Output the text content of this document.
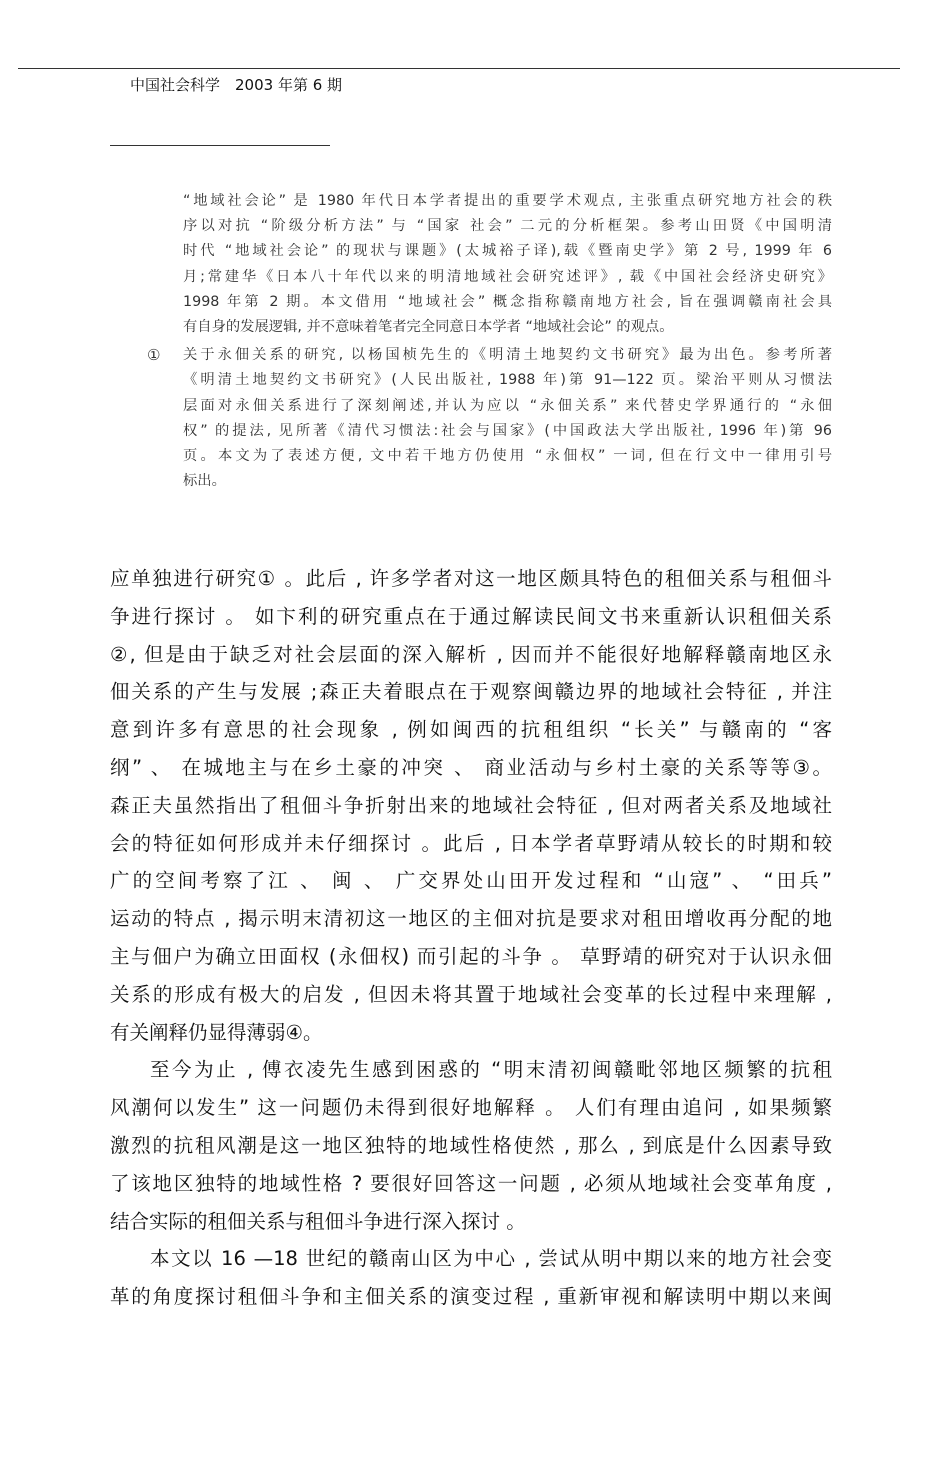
中国社会科学　2003 年第 6 期
“地域社会论” 是 1980 年代日本学者提出的重要学术观点, 主张重点研究地方社会的秩
序以对抗 “阶级分析方法” 与 “国家 社会” 二元的分析框架。参考山田贤《中国明清
时代 “地域社会论” 的现状与课题》(太城裕子译),载《暨南史学》第 2 号, 1999 年 6
月;常建华《日本八十年代以来的明清地域社会研究述评》, 载《中国社会经济史研究》
1998 年第 2 期。本文借用 “地域社会” 概念指称赣南地方社会, 旨在强调赣南社会具
有自身的发展逻辑, 并不意味着笔者完全同意日本学者 “地域社会论” 的观点。
① 关于永佃关系的研究, 以杨国桢先生的《明清土地契约文书研究》最为出色。参考所著
《明清土地契约文书研究》(人民出版社, 1988 年)第 91—122 页。梁治平则从习惯法
层面对永佃关系进行了深刻阐述,并认为应以 “永佃关系” 来代替史学界通行的 “永佃
权” 的提法, 见所著《清代习惯法:社会与国家》(中国政法大学出版社, 1996 年)第 96
页。本文为了表述方便, 文中若干地方仍使用 “永佃权” 一词, 但在行文中一律用引号
标出。
应单独进行研究① 。此后 , 许多学者对这一地区颇具特色的租佃关系与租佃斗
争进行探讨 。 如卞利的研究重点在于通过解读民间文书来重新认识租佃关系
②, 但是由于缺乏对社会层面的深入解析 , 因而并不能很好地解释赣南地区永
佃关系的产生与发展 ;森正夫着眼点在于观察闽赣边界的地域社会特征 , 并注
意到许多有意思的社会现象 , 例如闽西的抗租组织 “长关” 与赣南的 “客
纲” 、 在城地主与在乡土豪的冲突 、 商业活动与乡村土豪的关系等等③。
森正夫虽然指出了租佃斗争折射出来的地域社会特征 , 但对两者关系及地域社
会的特征如何形成并未仔细探讨 。此后 , 日本学者草野靖从较长的时期和较
广的空间考察了江 、 闽 、 广交界处山田开发过程和 “山寇” 、 “田兵”
运动的特点 , 揭示明末清初这一地区的主佃对抗是要求对租田增收再分配的地
主与佃户为确立田面权 (永佃权) 而引起的斗争 。 草野靖的研究对于认识永佃
关系的形成有极大的启发 , 但因未将其置于地域社会变革的长过程中来理解 ,
有关阐释仍显得薄弱④。
至今为止 , 傅衣凌先生感到困惑的 “明末清初闽赣毗邻地区频繁的抗租
风潮何以发生” 这一问题仍未得到很好地解释 。 人们有理由追问 , 如果频繁
激烈的抗租风潮是这一地区独特的地域性格使然 , 那么 , 到底是什么因素导致
了该地区独特的地域性格 ? 要很好回答这一问题 , 必须从地域社会变革角度 ,
结合实际的租佃关系与租佃斗争进行深入探讨 。
本文以 16 —18 世纪的赣南山区为中心 , 尝试从明中期以来的地方社会变
革的角度探讨租佃斗争和主佃关系的演变过程 , 重新审视和解读明中期以来闽
